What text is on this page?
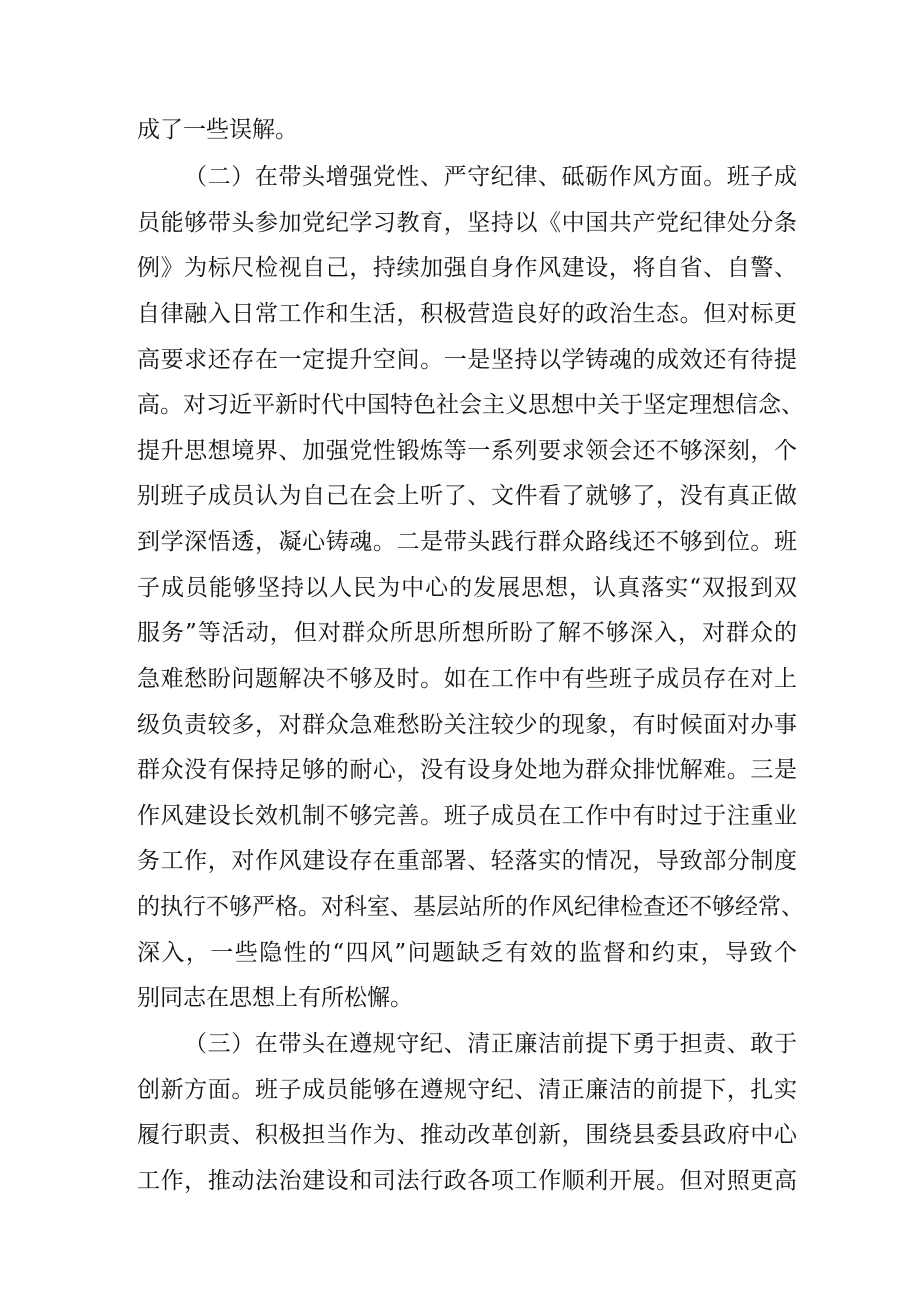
成了一些误解。
（二）在带头增强党性、严守纪律、砥砺作风方面。班子成
员能够带头参加党纪学习教育，坚持以《中国共产党纪律处分条
例》为标尺检视自己，持续加强自身作风建设，将自省、自警、
自律融入日常工作和生活，积极营造良好的政治生态。但对标更
高要求还存在一定提升空间。一是坚持以学铸魂的成效还有待提
高。对习近平新时代中国特色社会主义思想中关于坚定理想信念、
提升思想境界、加强党性锻炼等一系列要求领会还不够深刻，个
别班子成员认为自己在会上听了、文件看了就够了，没有真正做
到学深悟透，凝心铸魂。二是带头践行群众路线还不够到位。班
子成员能够坚持以人民为中心的发展思想，认真落实“双报到双
服务”等活动，但对群众所思所想所盼了解不够深入，对群众的
急难愁盼问题解决不够及时。如在工作中有些班子成员存在对上
级负责较多，对群众急难愁盼关注较少的现象，有时候面对办事
群众没有保持足够的耐心，没有设身处地为群众排忧解难。三是
作风建设长效机制不够完善。班子成员在工作中有时过于注重业
务工作，对作风建设存在重部署、轻落实的情况，导致部分制度
的执行不够严格。对科室、基层站所的作风纪律检查还不够经常、
深入，一些隐性的“四风”问题缺乏有效的监督和约束，导致个
别同志在思想上有所松懈。
（三）在带头在遵规守纪、清正廉洁前提下勇于担责、敢于
创新方面。班子成员能够在遵规守纪、清正廉洁的前提下，扎实
履行职责、积极担当作为、推动改革创新，围绕县委县政府中心
工作，推动法治建设和司法行政各项工作顺利开展。但对照更高
